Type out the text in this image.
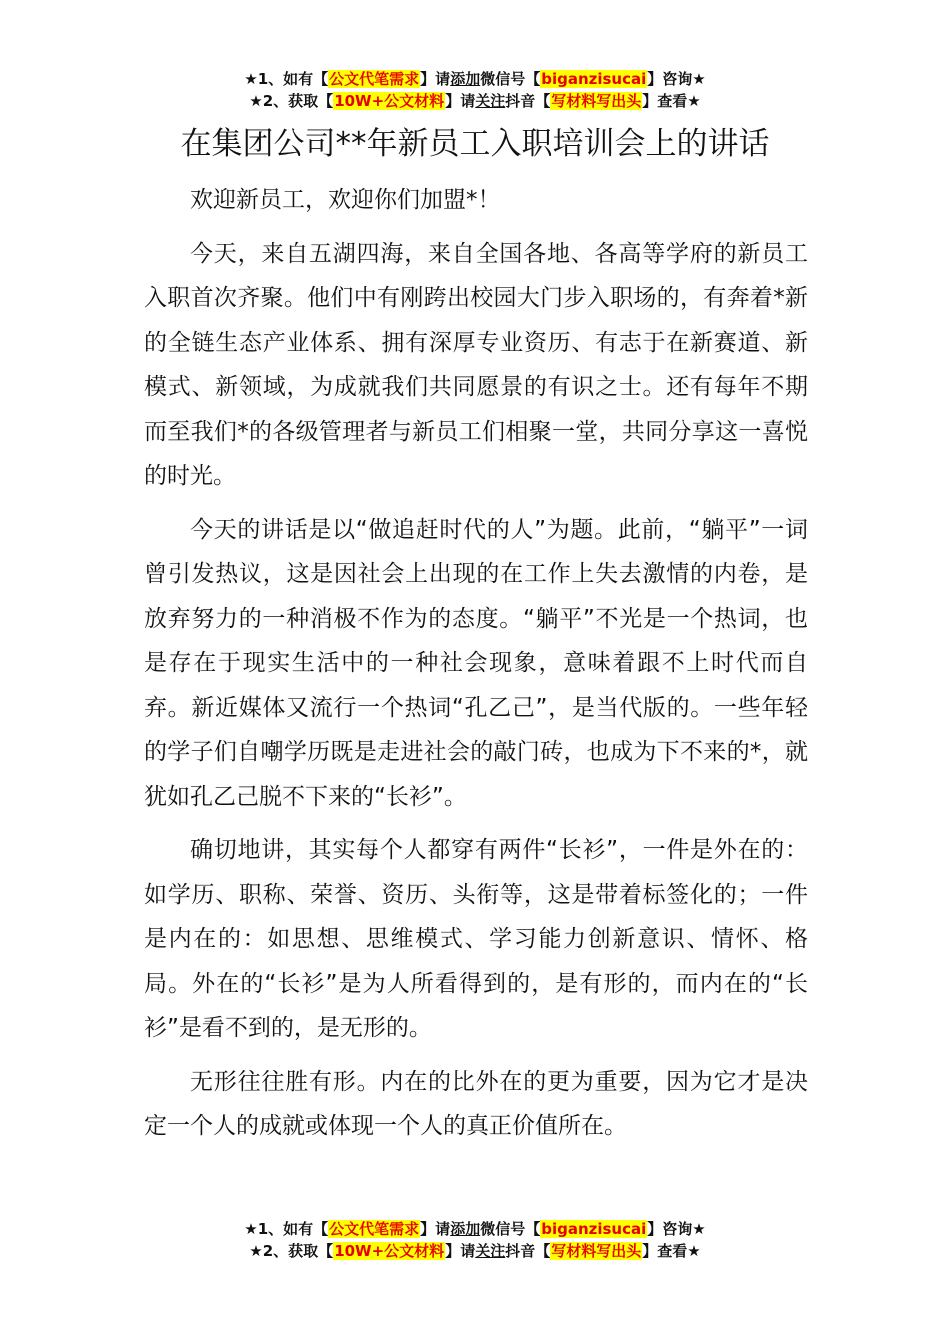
★1、如有【公文代笔需求】请添加微信号【biganzisucai】咨询★
★2、获取【10W+公文材料】请关注抖音【写材料写出头】查看★
在集团公司**年新员工入职培训会上的讲话

欢迎新员工，欢迎你们加盟*！

今天，来自五湖四海，来自全国各地、各高等学府的新员工入职首次齐聚。他们中有刚跨出校园大门步入职场的，有奔着*新的全链生态产业体系、拥有深厚专业资历、有志于在新赛道、新模式、新领域，为成就我们共同愿景的有识之士。还有每年不期而至我们*的各级管理者与新员工们相聚一堂，共同分享这一喜悦的时光。

今天的讲话是以“做追赶时代的人”为题。此前，“躺平”一词曾引发热议，这是因社会上出现的在工作上失去激情的内卷，是放弃努力的一种消极不作为的态度。“躺平”不光是一个热词，也是存在于现实生活中的一种社会现象，意味着跟不上时代而自弃。新近媒体又流行一个热词“孔乙己”，是当代版的。一些年轻的学子们自嘲学历既是走进社会的敲门砖，也成为下不来的*，就犹如孔乙己脱不下来的“长衫”。

确切地讲，其实每个人都穿有两件“长衫”，一件是外在的：如学历、职称、荣誉、资历、头衔等，这是带着标签化的；一件是内在的：如思想、思维模式、学习能力创新意识、情怀、格局。外在的“长衫”是为人所看得到的，是有形的，而内在的“长衫”是看不到的，是无形的。

无形往往胜有形。内在的比外在的更为重要，因为它才是决定一个人的成就或体现一个人的真正价值所在。

★1、如有【公文代笔需求】请添加微信号【biganzisucai】咨询★
★2、获取【10W+公文材料】请关注抖音【写材料写出头】查看★
